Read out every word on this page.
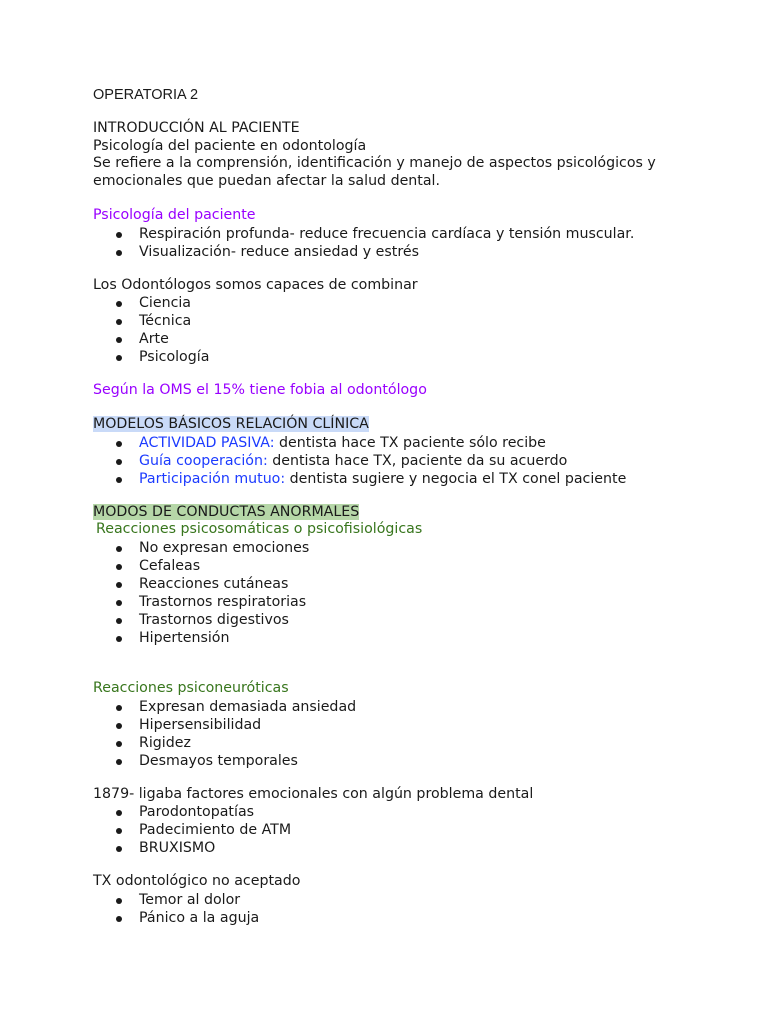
OPERATORIA 2

INTRODUCCIÓN AL PACIENTE

Psicología del paciente en odontología

Se refiere a la comprensión, identificación y manejo de aspectos psicológicos y

emocionales que puedan afectar la salud dental.

Psicología del paciente

Respiración profunda- reduce frecuencia cardíaca y tensión muscular.
Visualización- reduce ansiedad y estrés

Los Odontólogos somos capaces de combinar

Ciencia
Técnica
Arte
Psicología

Según la OMS el 15% tiene fobia al odontólogo

MODELOS BÁSICOS RELACIÓN CLÍNICA

ACTIVIDAD PASIVA: dentista hace TX paciente sólo recibe
Guía cooperación: dentista hace TX, paciente da su acuerdo
Participación mutuo: dentista sugiere y negocia el TX conel paciente

MODOS DE CONDUCTAS ANORMALES

Reacciones psicosomáticas o psicofisiológicas

No expresan emociones
Cefaleas
Reacciones cutáneas
Trastornos respiratorias
Trastornos digestivos
Hipertensión

Reacciones psiconeuróticas

Expresan demasiada ansiedad
Hipersensibilidad
Rigidez
Desmayos temporales

1879- ligaba factores emocionales con algún problema dental

Parodontopatías
Padecimiento de ATM
BRUXISMO

TX odontológico no aceptado

Temor al dolor
Pánico a la aguja
